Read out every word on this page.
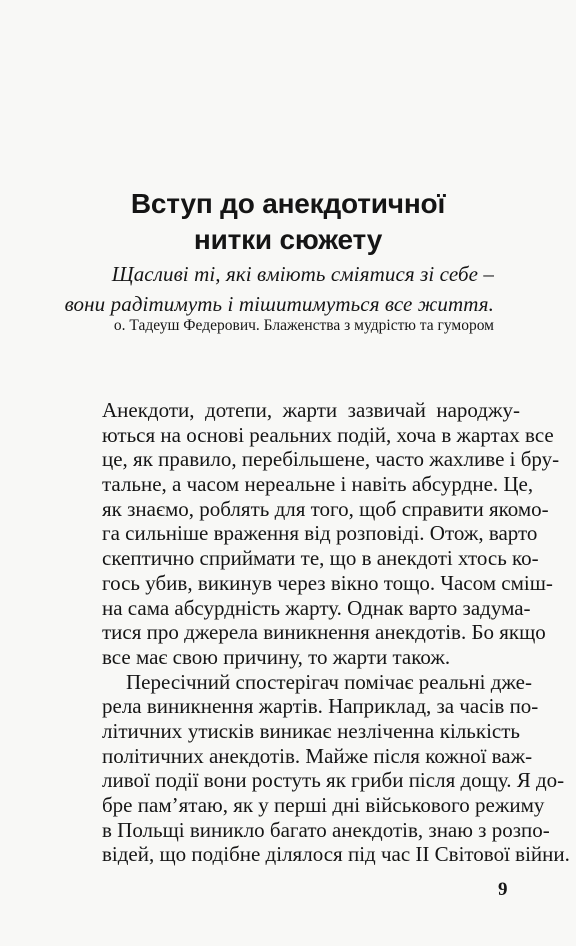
Вступ до анекдотичної
нитки сюжету
Щасливі ті, які вміють сміятися зі себе –
вони радітимуть і тішитимуться все життя.
о. Тадеуш Федерович. Блаженства з мудрістю та гумором
Анекдоти, дотепи, жарти зазвичай народжу-
ються на основі реальних подій, хоча в жартах все
це, як правило, перебільшене, часто жахливе і бру-
тальне, а часом нереальне і навіть абсурдне. Це,
як знаємо, роблять для того, щоб справити якомо-
га сильніше враження від розповіді. Отож, варто
скептично сприймати те, що в анекдоті хтось ко-
гось убив, викинув через вікно тощо. Часом смiш-
на сама абсурдність жарту. Однак варто задума-
тися про джерела виникнення анекдотів. Бо якщо
все має свою причину, то жарти також.
Пересічний спостерігач помічає реальні дже-
рела виникнення жартів. Наприклад, за часів по-
літичних утисків виникає незліченна кількість
політичних анекдотів. Майже після кожної важ-
ливої події вони ростуть як гриби після дощу. Я до-
бре пам’ятаю, як у перші дні військового режиму
в Польщі виникло багато анекдотів, знаю з розпо-
відей, що подібне ділялося під час ІІ Світової війни.
9
